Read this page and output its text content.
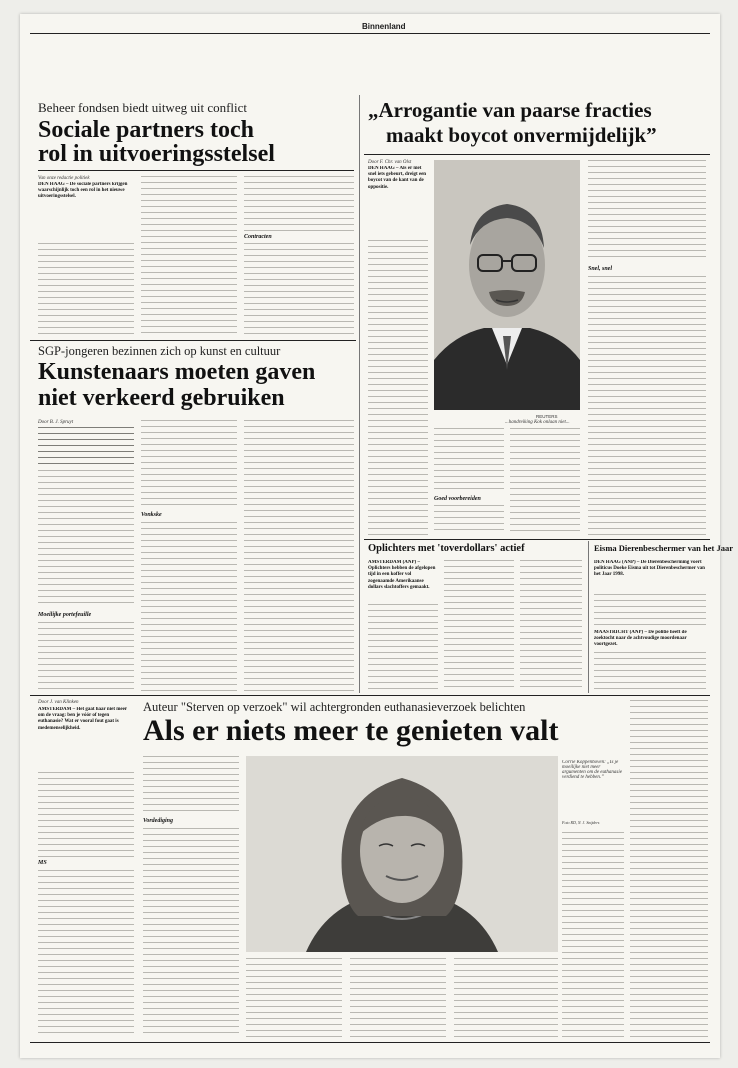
Binnenland
Beheer fondsen biedt uitweg uit conflict
Sociale partners toch
rol in uitvoeringsstelsel
Van onze redactie politiek
DEN HAAG – De sociale partners krijgen waarschijnlijk toch een rol in het nieuwe uitvoeringsstelsel.
Contracten
SGP-jongeren bezinnen zich op kunst en cultuur
Kunstenaars moeten gaven
niet verkeerd gebruiken
Door B. J. Spruyt
Moeilijke portefeuille
Vonkske
„Arrogantie van paarse fracties
maakt boycot onvermijdelijk”
Door F. Chr. van Olst
DEN HAAG – Als er niet snel iets gebeurt, dreigt een boycot van de kant van de oppositie.
REUTERS
...handreiking Kok onlaan niet...
Goed voorbereiden
Snel, snel
Oplichters met 'toverdollars' actief
AMSTERDAM (ANP) – Oplichters hebben de afgelopen tijd in een koffer vol zogenaamde Amerikaanse dollars slachtoffers gemaakt.
Eisma Dierenbeschermer van het Jaar
DEN HAAG (ANP) – De Dierenbescherming voert politicus Doeke Eisma uit tot Dierenbeschermer van het Jaar 1998.
MAASTRICHT (ANP) – De politie heeft de zoektocht naar de achtvoudige moordenaar voortgezet.
Door J. van Klinken
AMSTERDAM – Het gaat haar niet meer om de vraag: ben je vóór of tegen euthanasie? Wat er vooral fout gaat is medemenselijkheid.
MS
Auteur "Sterven op verzoek" wil achtergronden euthanasieverzoek belichten
Als er niets meer te genieten valt
Vordediging
Corrie Koppenhoven: „Is je moeilijke niet meer argumenten om de euthanasie verdiend te hebben.”
Foto RD, N. J. Snijders
